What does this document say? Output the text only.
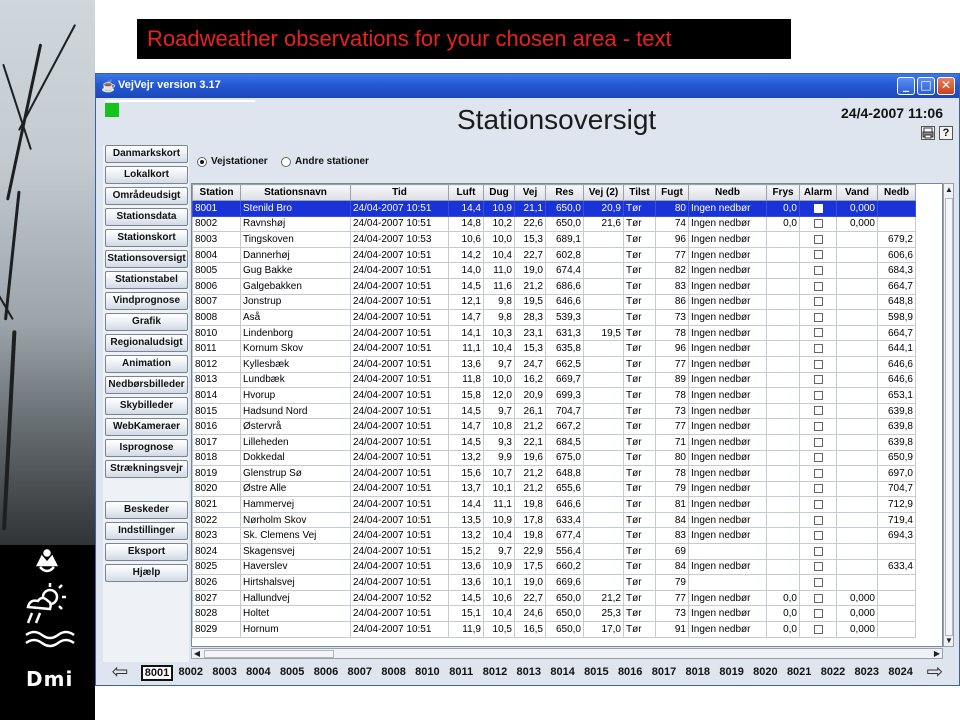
Dmi
Roadweather observations for your chosen area - text
☕ VejVejr version 3.17	_ □ ✕
Stationsoversigt	24/4-2007 11:06
?
Danmarkskort
Lokalkort
Områdeudsigt
Stationsdata
Stationskort
Stationsoversigt
Stationstabel
Vindprognose
Grafik
Regionaludsigt
Animation
Nedbørsbilleder
Skybilleder
WebKameraer
Isprognose
Strækningsvejr
Beskeder
Indstillinger
Eksport
Hjælp
Vejstationer	Andre stationer
Station	Stationsnavn	Tid	Luft	Dug	Vej	Res	Vej (2)	Tilst	Fugt	Nedb	Frys	Alarm	Vand	Nedb
8001	Stenild Bro	24/04-2007 10:51	14,4	10,9	21,1	650,0	20,9	Tør	80	Ingen nedbør	0,0		0,000	
8002	Ravnshøj	24/04-2007 10:51	14,8	10,2	22,6	650,0	21,6	Tør	74	Ingen nedbør	0,0		0,000	
8003	Tingskoven	24/04-2007 10:53	10,6	10,0	15,3	689,1		Tør	96	Ingen nedbør				679,2
8004	Dannerhøj	24/04-2007 10:51	14,2	10,4	22,7	602,8		Tør	77	Ingen nedbør				606,6
8005	Gug Bakke	24/04-2007 10:51	14,0	11,0	19,0	674,4		Tør	82	Ingen nedbør				684,3
8006	Galgebakken	24/04-2007 10:51	14,5	11,6	21,2	686,6		Tør	83	Ingen nedbør				664,7
8007	Jonstrup	24/04-2007 10:51	12,1	9,8	19,5	646,6		Tør	86	Ingen nedbør				648,8
8008	Aså	24/04-2007 10:51	14,7	9,8	28,3	539,3		Tør	73	Ingen nedbør				598,9
8010	Lindenborg	24/04-2007 10:51	14,1	10,3	23,1	631,3	19,5	Tør	78	Ingen nedbør				664,7
8011	Kornum Skov	24/04-2007 10:51	11,1	10,4	15,3	635,8		Tør	96	Ingen nedbør				644,1
8012	Kyllesbæk	24/04-2007 10:51	13,6	9,7	24,7	662,5		Tør	77	Ingen nedbør				646,6
8013	Lundbæk	24/04-2007 10:51	11,8	10,0	16,2	669,7		Tør	89	Ingen nedbør				646,6
8014	Hvorup	24/04-2007 10:51	15,8	12,0	20,9	699,3		Tør	78	Ingen nedbør				653,1
8015	Hadsund Nord	24/04-2007 10:51	14,5	9,7	26,1	704,7		Tør	73	Ingen nedbør				639,8
8016	Østervrå	24/04-2007 10:51	14,7	10,8	21,2	667,2		Tør	77	Ingen nedbør				639,8
8017	Lilleheden	24/04-2007 10:51	14,5	9,3	22,1	684,5		Tør	71	Ingen nedbør				639,8
8018	Dokkedal	24/04-2007 10:51	13,2	9,9	19,6	675,0		Tør	80	Ingen nedbør				650,9
8019	Glenstrup Sø	24/04-2007 10:51	15,6	10,7	21,2	648,8		Tør	78	Ingen nedbør				697,0
8020	Østre Alle	24/04-2007 10:51	13,7	10,1	21,2	655,6		Tør	79	Ingen nedbør				704,7
8021	Hammervej	24/04-2007 10:51	14,4	11,1	19,8	646,6		Tør	81	Ingen nedbør				712,9
8022	Nørholm Skov	24/04-2007 10:51	13,5	10,9	17,8	633,4		Tør	84	Ingen nedbør				719,4
8023	Sk. Clemens Vej	24/04-2007 10:51	13,2	10,4	19,8	677,4		Tør	83	Ingen nedbør				694,3
8024	Skagensvej	24/04-2007 10:51	15,2	9,7	22,9	556,4		Tør	69					
8025	Haverslev	24/04-2007 10:51	13,6	10,9	17,5	660,2		Tør	84	Ingen nedbør				633,4
8026	Hirtshalsvej	24/04-2007 10:51	13,6	10,1	19,0	669,6		Tør	79					
8027	Hallundvej	24/04-2007 10:52	14,5	10,6	22,7	650,0	21,2	Tør	77	Ingen nedbør	0,0		0,000	
8028	Holtet	24/04-2007 10:51	15,1	10,4	24,6	650,0	25,3	Tør	73	Ingen nedbør	0,0		0,000	
8029	Hornum	24/04-2007 10:51	11,9	10,5	16,5	650,0	17,0	Tør	91	Ingen nedbør	0,0		0,000	
▲
▼
◀	▶
⇦	⇨
8001 8002 8003 8004 8005 8006 8007 8008 8010 8011 8012 8013 8014 8015 8016 8017 8018 8019 8020 8021 8022 8023 8024
